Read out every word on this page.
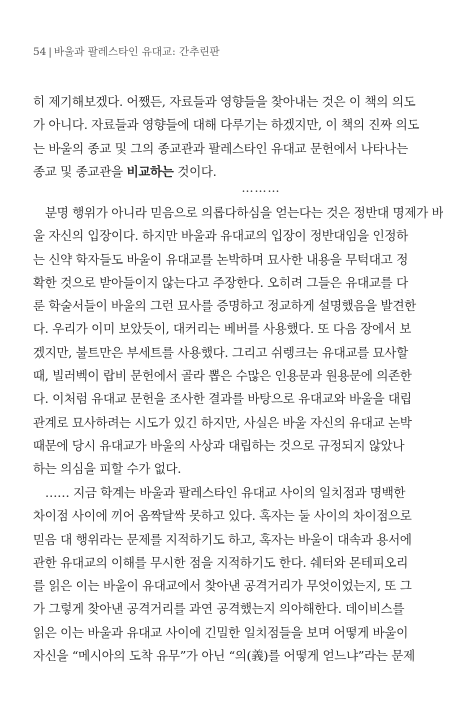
54 | 바울과 팔레스타인 유대교: 간추린판
히 제기해보겠다. 어쨌든, 자료들과 영향들을 찾아내는 것은 이 책의 의도
가 아니다. 자료들과 영향들에 대해 다루기는 하겠지만, 이 책의 진짜 의도
는 바울의 종교 및 그의 종교관과 팔레스타인 유대교 문헌에서 나타나는
종교 및 종교관을 비교하는 것이다.
………
분명 행위가 아니라 믿음으로 의롭다하심을 얻는다는 것은 정반대 명제가 바
울 자신의 입장이다. 하지만 바울과 유대교의 입장이 정반대임을 인정하
는 신약 학자들도 바울이 유대교를 논박하며 묘사한 내용을 무턱대고 정
확한 것으로 받아들이지 않는다고 주장한다. 오히려 그들은 유대교를 다
룬 학술서들이 바울의 그런 묘사를 증명하고 정교하게 설명했음을 발견한
다. 우리가 이미 보았듯이, 대커리는 베버를 사용했다. 또 다음 장에서 보
겠지만, 불트만은 부세트를 사용했다. 그리고 쉬렝크는 유대교를 묘사할
때, 빌러벡이 랍비 문헌에서 골라 뽑은 수많은 인용문과 원용문에 의존한
다. 이처럼 유대교 문헌을 조사한 결과를 바탕으로 유대교와 바울을 대립
관계로 묘사하려는 시도가 있긴 하지만, 사실은 바울 자신의 유대교 논박
때문에 당시 유대교가 바울의 사상과 대립하는 것으로 규정되지 않았나
하는 의심을 피할 수가 없다.
…… 지금 학계는 바울과 팔레스타인 유대교 사이의 일치점과 명백한
차이점 사이에 끼어 옴짝달싹 못하고 있다. 혹자는 둘 사이의 차이점으로
믿음 대 행위라는 문제를 지적하기도 하고, 혹자는 바울이 대속과 용서에
관한 유대교의 이해를 무시한 점을 지적하기도 한다. 쉐터와 몬테피오리
를 읽은 이는 바울이 유대교에서 찾아낸 공격거리가 무엇이었는지, 또 그
가 그렇게 찾아낸 공격거리를 과연 공격했는지 의아해한다. 데이비스를
읽은 이는 바울과 유대교 사이에 긴밀한 일치점들을 보며 어떻게 바울이
자신을 “메시아의 도착 유무”가 아닌 “의(義)를 어떻게 얻느냐”라는 문제
